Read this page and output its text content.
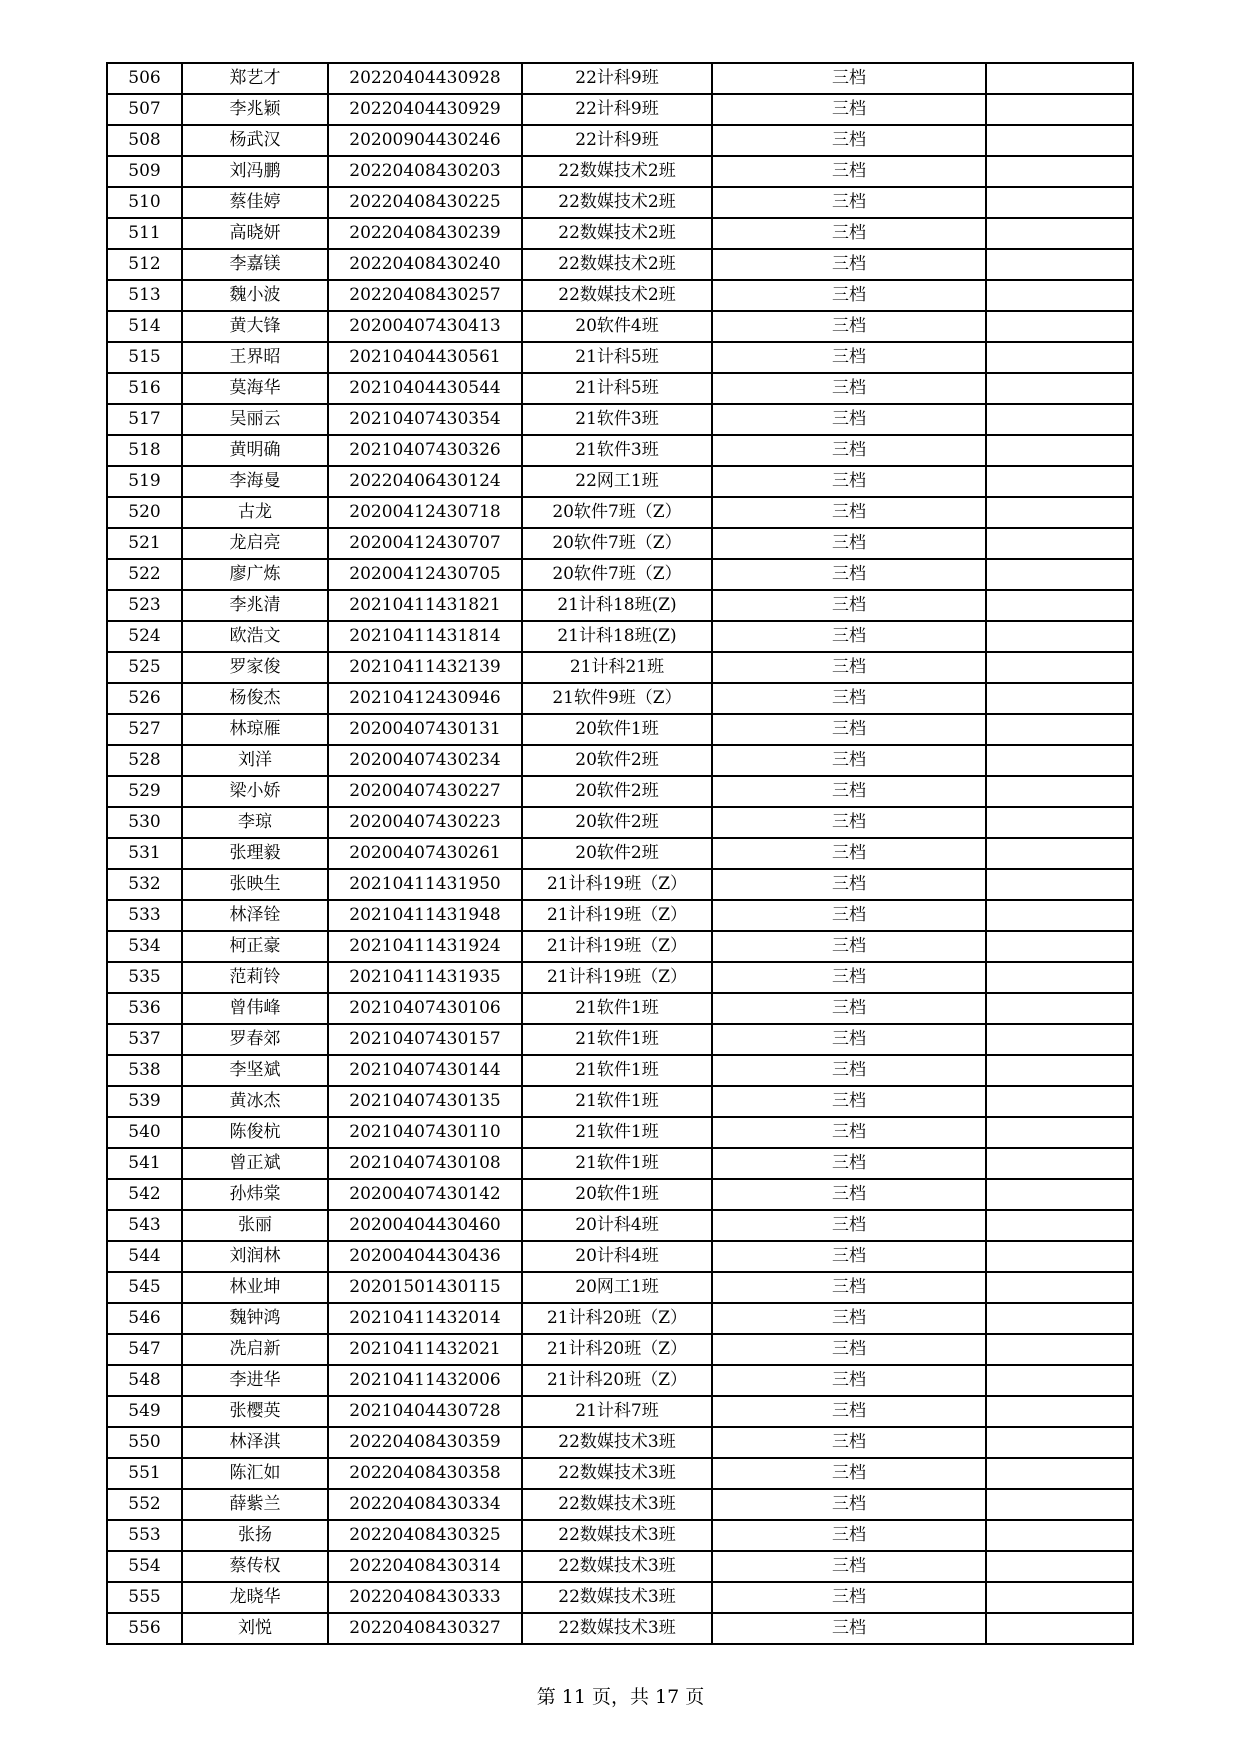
506	郑艺才	20220404430928	22计科9班	三档	
507	李兆颖	20220404430929	22计科9班	三档	
508	杨武汉	20200904430246	22计科9班	三档	
509	刘冯鹏	20220408430203	22数媒技术2班	三档	
510	蔡佳婷	20220408430225	22数媒技术2班	三档	
511	高晓妍	20220408430239	22数媒技术2班	三档	
512	李嘉镁	20220408430240	22数媒技术2班	三档	
513	魏小波	20220408430257	22数媒技术2班	三档	
514	黄大锋	20200407430413	20软件4班	三档	
515	王界昭	20210404430561	21计科5班	三档	
516	莫海华	20210404430544	21计科5班	三档	
517	吴丽云	20210407430354	21软件3班	三档	
518	黄明确	20210407430326	21软件3班	三档	
519	李海曼	20220406430124	22网工1班	三档	
520	古龙	20200412430718	20软件7班（Z）	三档	
521	龙启亮	20200412430707	20软件7班（Z）	三档	
522	廖广炼	20200412430705	20软件7班（Z）	三档	
523	李兆清	20210411431821	21计科18班(Z)	三档	
524	欧浩文	20210411431814	21计科18班(Z)	三档	
525	罗家俊	20210411432139	21计科21班	三档	
526	杨俊杰	20210412430946	21软件9班（Z）	三档	
527	林琼雁	20200407430131	20软件1班	三档	
528	刘洋	20200407430234	20软件2班	三档	
529	梁小娇	20200407430227	20软件2班	三档	
530	李琼	20200407430223	20软件2班	三档	
531	张理毅	20200407430261	20软件2班	三档	
532	张映生	20210411431950	21计科19班（Z）	三档	
533	林泽铨	20210411431948	21计科19班（Z）	三档	
534	柯正豪	20210411431924	21计科19班（Z）	三档	
535	范莉铃	20210411431935	21计科19班（Z）	三档	
536	曾伟峰	20210407430106	21软件1班	三档	
537	罗春郊	20210407430157	21软件1班	三档	
538	李坚斌	20210407430144	21软件1班	三档	
539	黄冰杰	20210407430135	21软件1班	三档	
540	陈俊杭	20210407430110	21软件1班	三档	
541	曾正斌	20210407430108	21软件1班	三档	
542	孙炜棠	20200407430142	20软件1班	三档	
543	张丽	20200404430460	20计科4班	三档	
544	刘润林	20200404430436	20计科4班	三档	
545	林业坤	20201501430115	20网工1班	三档	
546	魏钟鸿	20210411432014	21计科20班（Z）	三档	
547	冼启新	20210411432021	21计科20班（Z）	三档	
548	李进华	20210411432006	21计科20班（Z）	三档	
549	张樱英	20210404430728	21计科7班	三档	
550	林泽淇	20220408430359	22数媒技术3班	三档	
551	陈汇如	20220408430358	22数媒技术3班	三档	
552	薛紫兰	20220408430334	22数媒技术3班	三档	
553	张扬	20220408430325	22数媒技术3班	三档	
554	蔡传权	20220408430314	22数媒技术3班	三档	
555	龙晓华	20220408430333	22数媒技术3班	三档	
556	刘悦	20220408430327	22数媒技术3班	三档	
第 11 页，共 17 页
